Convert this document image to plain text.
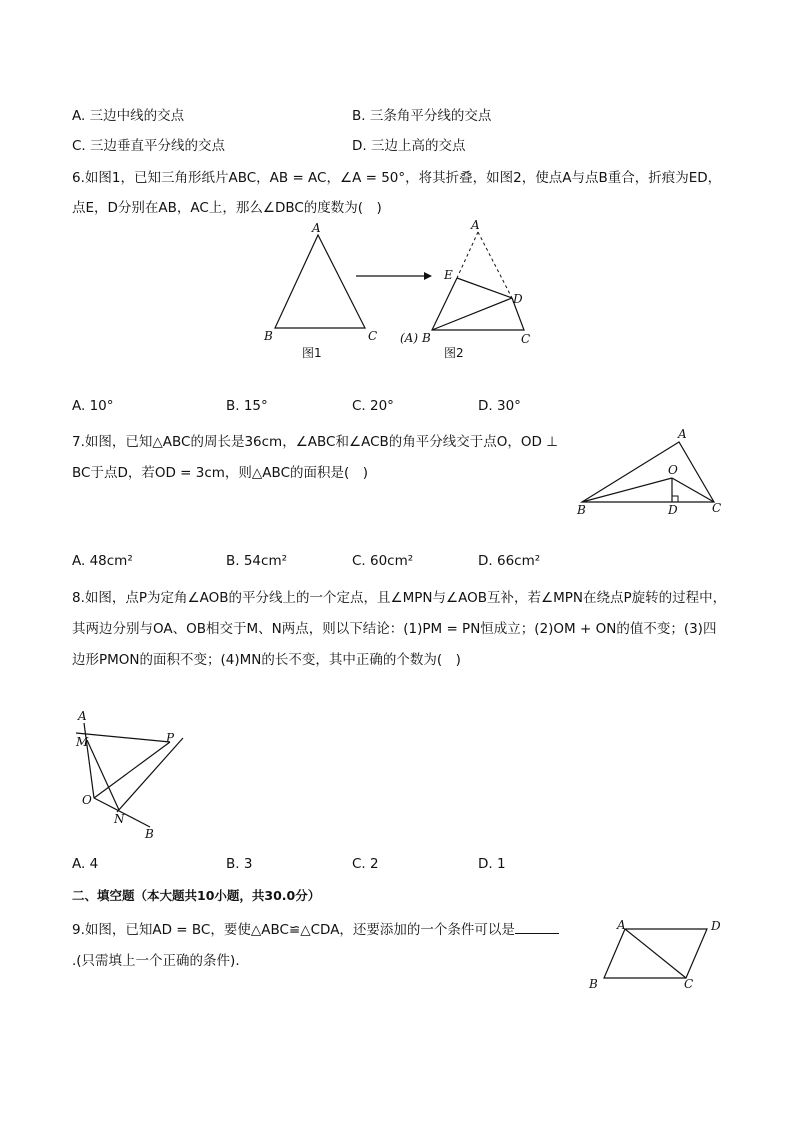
A. 三边中线的交点	B. 三条角平分线的交点
C. 三边垂直平分线的交点	D. 三边上高的交点
6.如图1，已知三角形纸片ABC，AB = AC，∠A = 50°，将其折叠，如图2，使点A与点B重合，折痕为ED，
点E，D分别在AB，AC上，那么∠DBC的度数为(　)
A
B	C
图1
A
E
D
(A) B	C
图2
A. 10°	B. 15°	C. 20°	D. 30°
7.如图，已知△ABC的周长是36cm，∠ABC和∠ACB的角平分线交于点O，OD ⊥
BC于点D，若OD = 3cm，则△ABC的面积是(　)
A
O
B	D	C
A. 48cm²	B. 54cm²	C. 60cm²	D. 66cm²
8.如图，点P为定角∠AOB的平分线上的一个定点，且∠MPN与∠AOB互补，若∠MPN在绕点P旋转的过程中，
其两边分别与OA、OB相交于M、N两点，则以下结论：(1)PM = PN恒成立；(2)OM + ON的值不变；(3)四
边形PMON的面积不变；(4)MN的长不变，其中正确的个数为(　)
A
M	P
O
N
B
A. 4	B. 3	C. 2	D. 1
二、填空题（本大题共10小题，共30.0分）
9.如图，已知AD = BC，要使△ABC≌△CDA，还要添加的一个条件可以是
.(只需填上一个正确的条件).
A	D
B	C
